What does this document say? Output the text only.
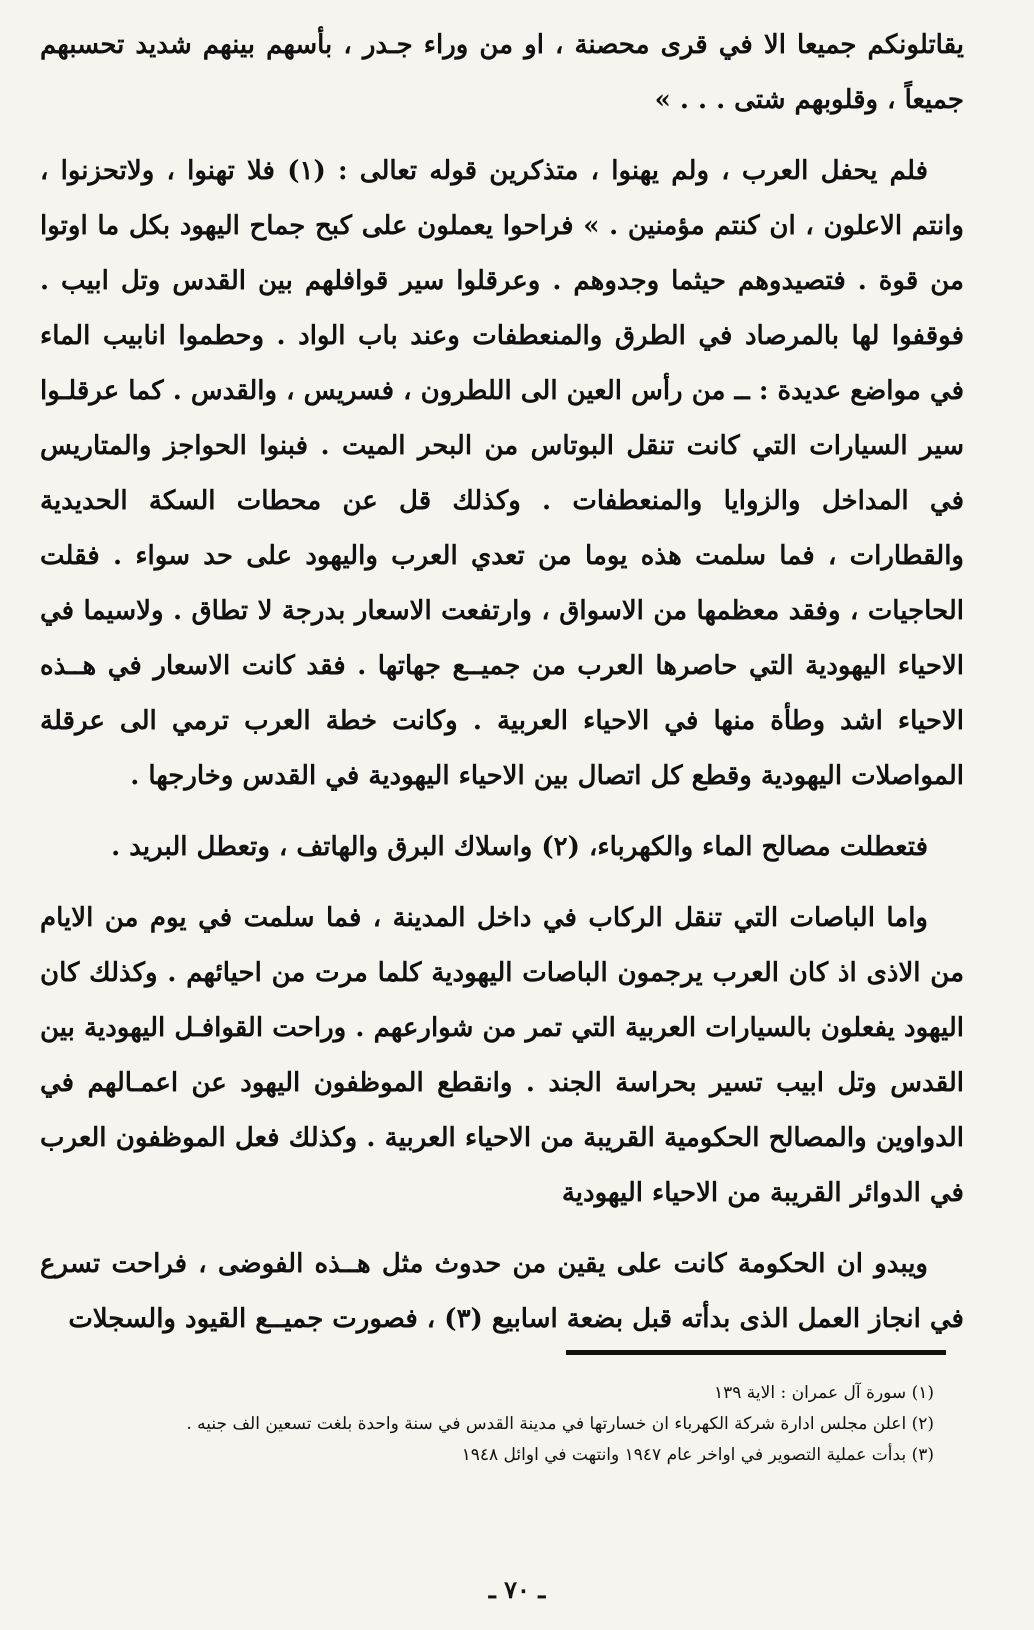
يقاتلونكم جميعا الا في قرى محصنة ، او من وراء جـدر ، بأسهم بينهم شديد تحسبهم جميعاً ، وقلوبهم شتى . . . »

فلم يحفل العرب ، ولم يهنوا ، متذكرين قوله تعالى : (١) فلا تهنوا ، ولاتحزنوا ، وانتم الاعلون ، ان كنتم مؤمنين . » فراحوا يعملون على كبح جماح اليهود بكل ما اوتوا من قوة . فتصيدوهم حيثما وجدوهم . وعرقلوا سير قوافلهم بين القدس وتل ابيب . فوقفوا لها بالمرصاد في الطرق والمنعطفات وعند باب الواد . وحطموا انابيب الماء في مواضع عديدة : ــ من رأس العين الى اللطرون ، فسريس ، والقدس . كما عرقلـوا سير السيارات التي كانت تنقل البوتاس من البحر الميت . فبنوا الحواجز والمتاريس في المداخل والزوايا والمنعطفات . وكذلك قل عن محطات السكة الحديدية والقطارات ، فما سلمت هذه يوما من تعدي العرب واليهود على حد سواء . فقلت الحاجيات ، وفقد معظمها من الاسواق ، وارتفعت الاسعار بدرجة لا تطاق . ولاسيما في الاحياء اليهودية التي حاصرها العرب من جميــع جهاتها . فقد كانت الاسعار في هــذه الاحياء اشد وطأة منها في الاحياء العربية . وكانت خطة العرب ترمي الى عرقلة المواصلات اليهودية وقطع كل اتصال بين الاحياء اليهودية في القدس وخارجها .

فتعطلت مصالح الماء والكهرباء، (٢) واسلاك البرق والهاتف ، وتعطل البريد .

واما الباصات التي تنقل الركاب في داخل المدينة ، فما سلمت في يوم من الايام من الاذى اذ كان العرب يرجمون الباصات اليهودية كلما مرت من احيائهم . وكذلك كان اليهود يفعلون بالسيارات العربية التي تمر من شوارعهم . وراحت القوافـل اليهودية بين القدس وتل ابيب تسير بحراسة الجند . وانقطع الموظفون اليهود عن اعمـالهم في الدواوين والمصالح الحكومية القريبة من الاحياء العربية . وكذلك فعل الموظفون العرب في الدوائر القريبة من الاحياء اليهودية

ويبدو ان الحكومة كانت على يقين من حدوث مثل هــذه الفوضى ، فراحت تسرع في انجاز العمل الذى بدأته قبل بضعة اسابيع (٣) ، فصورت جميــع القيود والسجلات

(١) سورة آل عمران : الاية ١٣٩
(٢) اعلن مجلس ادارة شركة الكهرباء ان خسارتها في مدينة القدس في سنة واحدة بلغت تسعين الف جنيه .
(٣) بدأت عملية التصوير في اواخر عام ١٩٤٧ وانتهت في اوائل ١٩٤٨
ـ ٧٠ ـ
